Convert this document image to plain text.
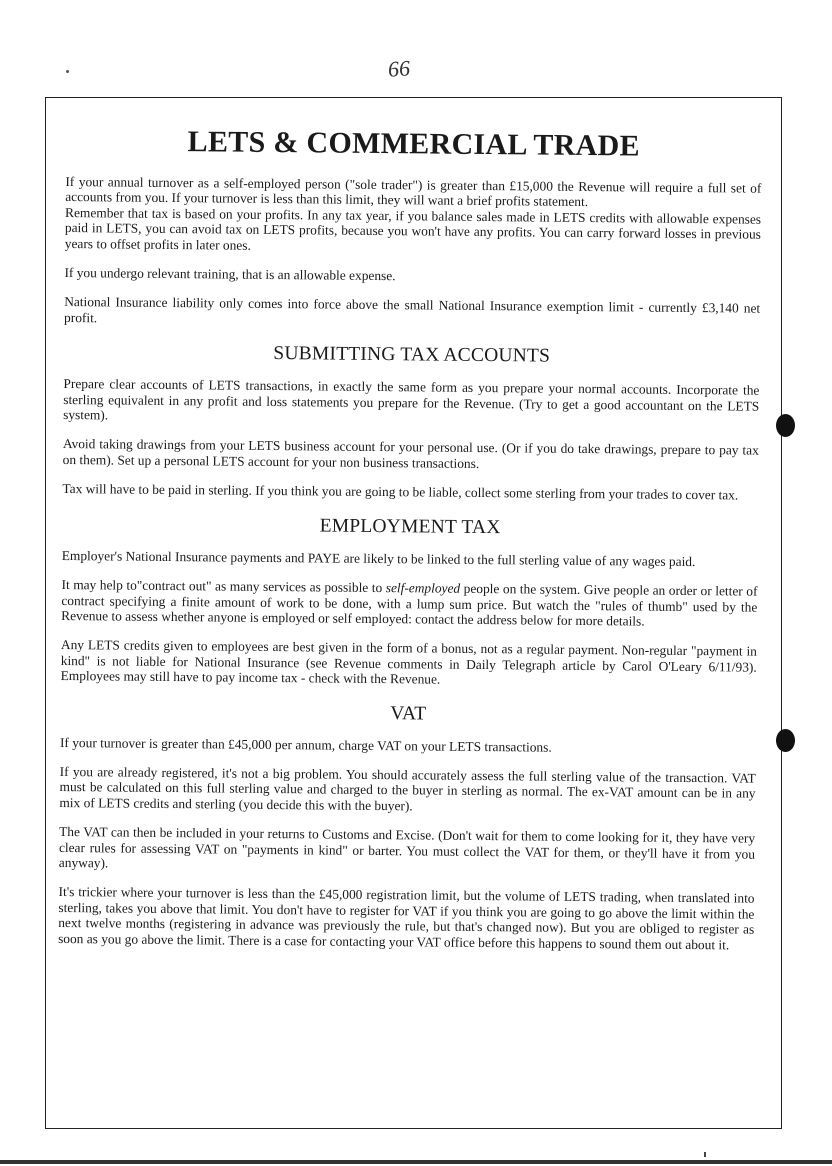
66
LETS & COMMERCIAL TRADE

If your annual turnover as a self-employed person ("sole trader") is greater than £15,000 the Revenue will require a full set of accounts from you. If your turnover is less than this limit, they will want a brief profits statement.

Remember that tax is based on your profits. In any tax year, if you balance sales made in LETS credits with allowable expenses paid in LETS, you can avoid tax on LETS profits, because you won't have any profits. You can carry forward losses in previous years to offset profits in later ones.

If you undergo relevant training, that is an allowable expense.

National Insurance liability only comes into force above the small National Insurance exemption limit - currently £3,140 net profit.

SUBMITTING TAX ACCOUNTS

Prepare clear accounts of LETS transactions, in exactly the same form as you prepare your normal accounts. Incorporate the sterling equivalent in any profit and loss statements you prepare for the Revenue. (Try to get a good accountant on the LETS system).

Avoid taking drawings from your LETS business account for your personal use. (Or if you do take drawings, prepare to pay tax on them). Set up a personal LETS account for your non business transactions.

Tax will have to be paid in sterling. If you think you are going to be liable, collect some sterling from your trades to cover tax.

EMPLOYMENT TAX

Employer's National Insurance payments and PAYE are likely to be linked to the full sterling value of any wages paid.

It may help to"contract out" as many services as possible to self-employed people on the system. Give people an order or letter of contract specifying a finite amount of work to be done, with a lump sum price. But watch the "rules of thumb" used by the Revenue to assess whether anyone is employed or self employed: contact the address below for more details.

Any LETS credits given to employees are best given in the form of a bonus, not as a regular payment. Non-regular "payment in kind" is not liable for National Insurance (see Revenue comments in Daily Telegraph article by Carol O'Leary 6/11/93). Employees may still have to pay income tax - check with the Revenue.

VAT

If your turnover is greater than £45,000 per annum, charge VAT on your LETS transactions.

If you are already registered, it's not a big problem. You should accurately assess the full sterling value of the transaction. VAT must be calculated on this full sterling value and charged to the buyer in sterling as normal. The ex-VAT amount can be in any mix of LETS credits and sterling (you decide this with the buyer).

The VAT can then be included in your returns to Customs and Excise. (Don't wait for them to come looking for it, they have very clear rules for assessing VAT on "payments in kind" or barter. You must collect the VAT for them, or they'll have it from you anyway).

It's trickier where your turnover is less than the £45,000 registration limit, but the volume of LETS trading, when translated into sterling, takes you above that limit. You don't have to register for VAT if you think you are going to go above the limit within the next twelve months (registering in advance was previously the rule, but that's changed now). But you are obliged to register as soon as you go above the limit. There is a case for contacting your VAT office before this happens to sound them out about it.
